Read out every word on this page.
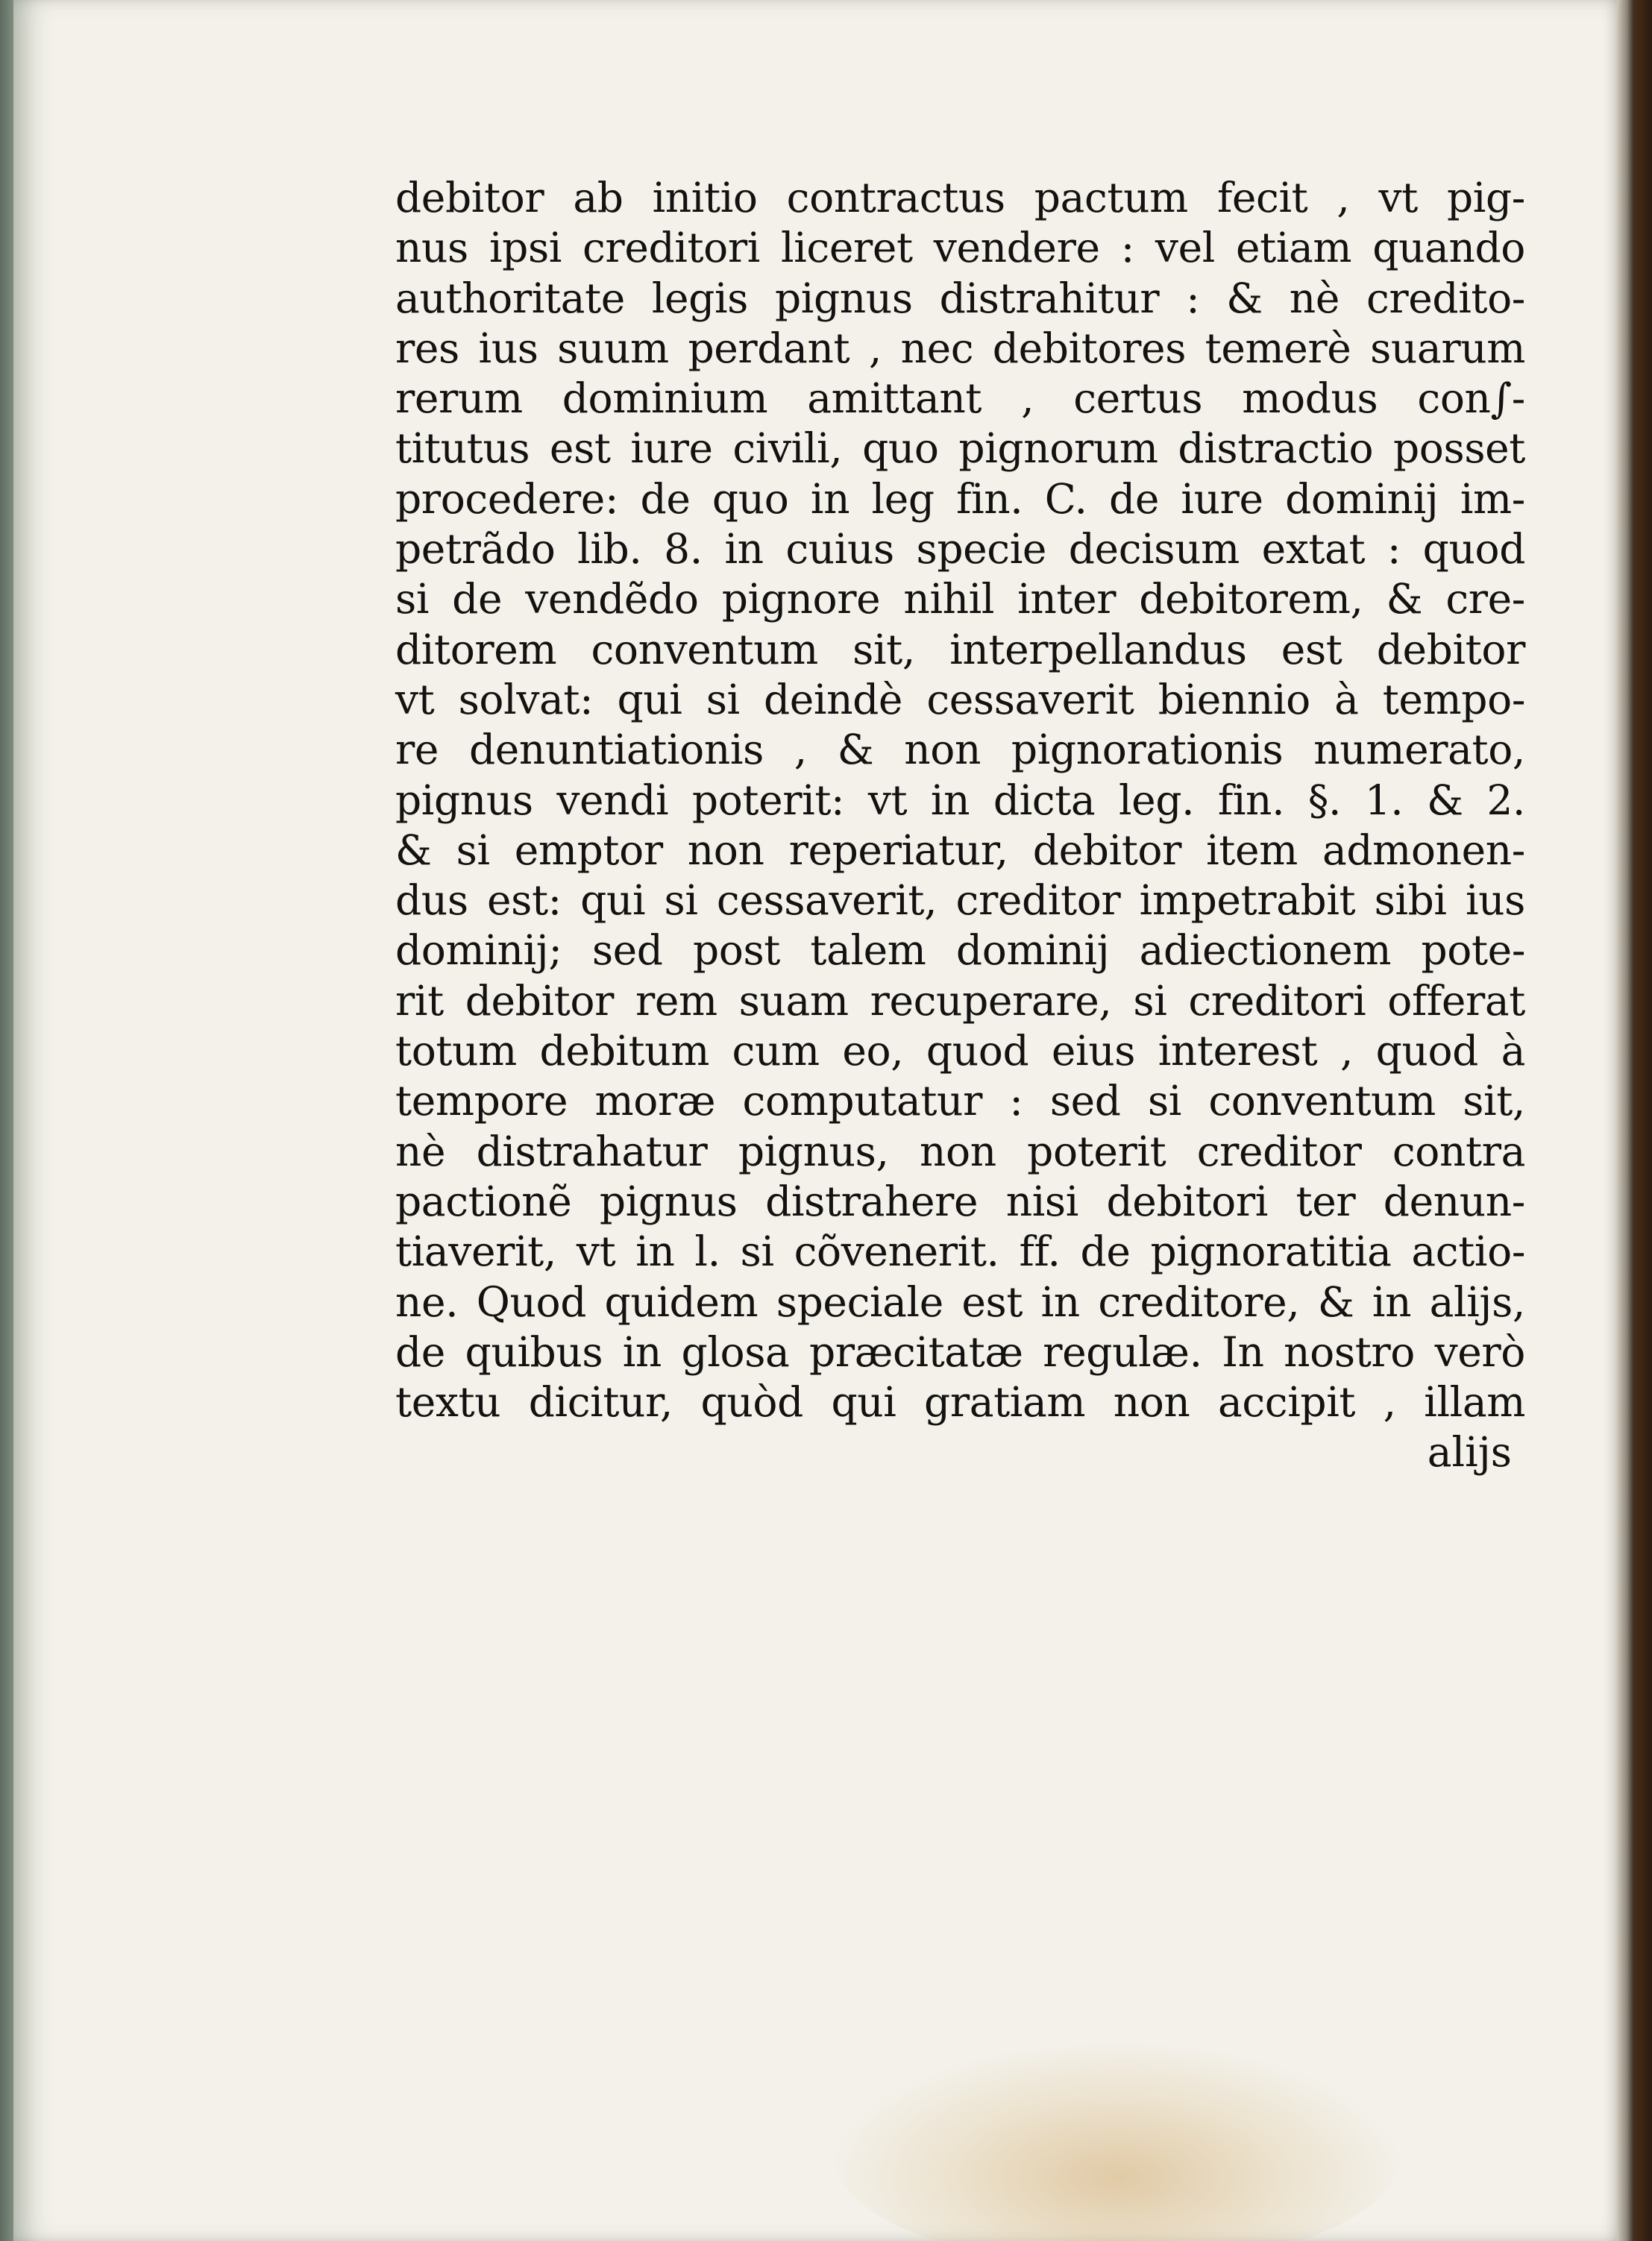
debitor ab initio contractus pactum fecit , vt pig-
nus ipsi creditori liceret vendere : vel etiam quando
authoritate legis pignus distrahitur : & nè credito-
res ius suum perdant , nec debitores temerè suarum
rerum dominium amittant , certus modus con∫-
titutus est iure civili, quo pignorum distractio posset
procedere: de quo in leg fin. C. de iure dominij im-
petrãdo lib. 8. in cuius specie decisum extat : quod
si de vendẽdo pignore nihil inter debitorem, & cre-
ditorem conventum sit, interpellandus est debitor
vt solvat: qui si deindè cessaverit biennio à tempo-
re denuntiationis , & non pignorationis numerato,
pignus vendi poterit: vt in dicta leg. fin. §. 1. & 2.
& si emptor non reperiatur, debitor item admonen-
dus est: qui si cessaverit, creditor impetrabit sibi ius
dominij; sed post talem dominij adiectionem pote-
rit debitor rem suam recuperare, si creditori offerat
totum debitum cum eo, quod eius interest , quod à
tempore moræ computatur : sed si conventum sit,
nè distrahatur pignus, non poterit creditor contra
pactionẽ pignus distrahere nisi debitori ter denun-
tiaverit, vt in l. si cõvenerit. ff. de pignoratitia actio-
ne. Quod quidem speciale est in creditore, & in alijs,
de quibus in glosa præcitatæ regulæ. In nostro verò
textu dicitur, quòd qui gratiam non accipit , illam
alijs
